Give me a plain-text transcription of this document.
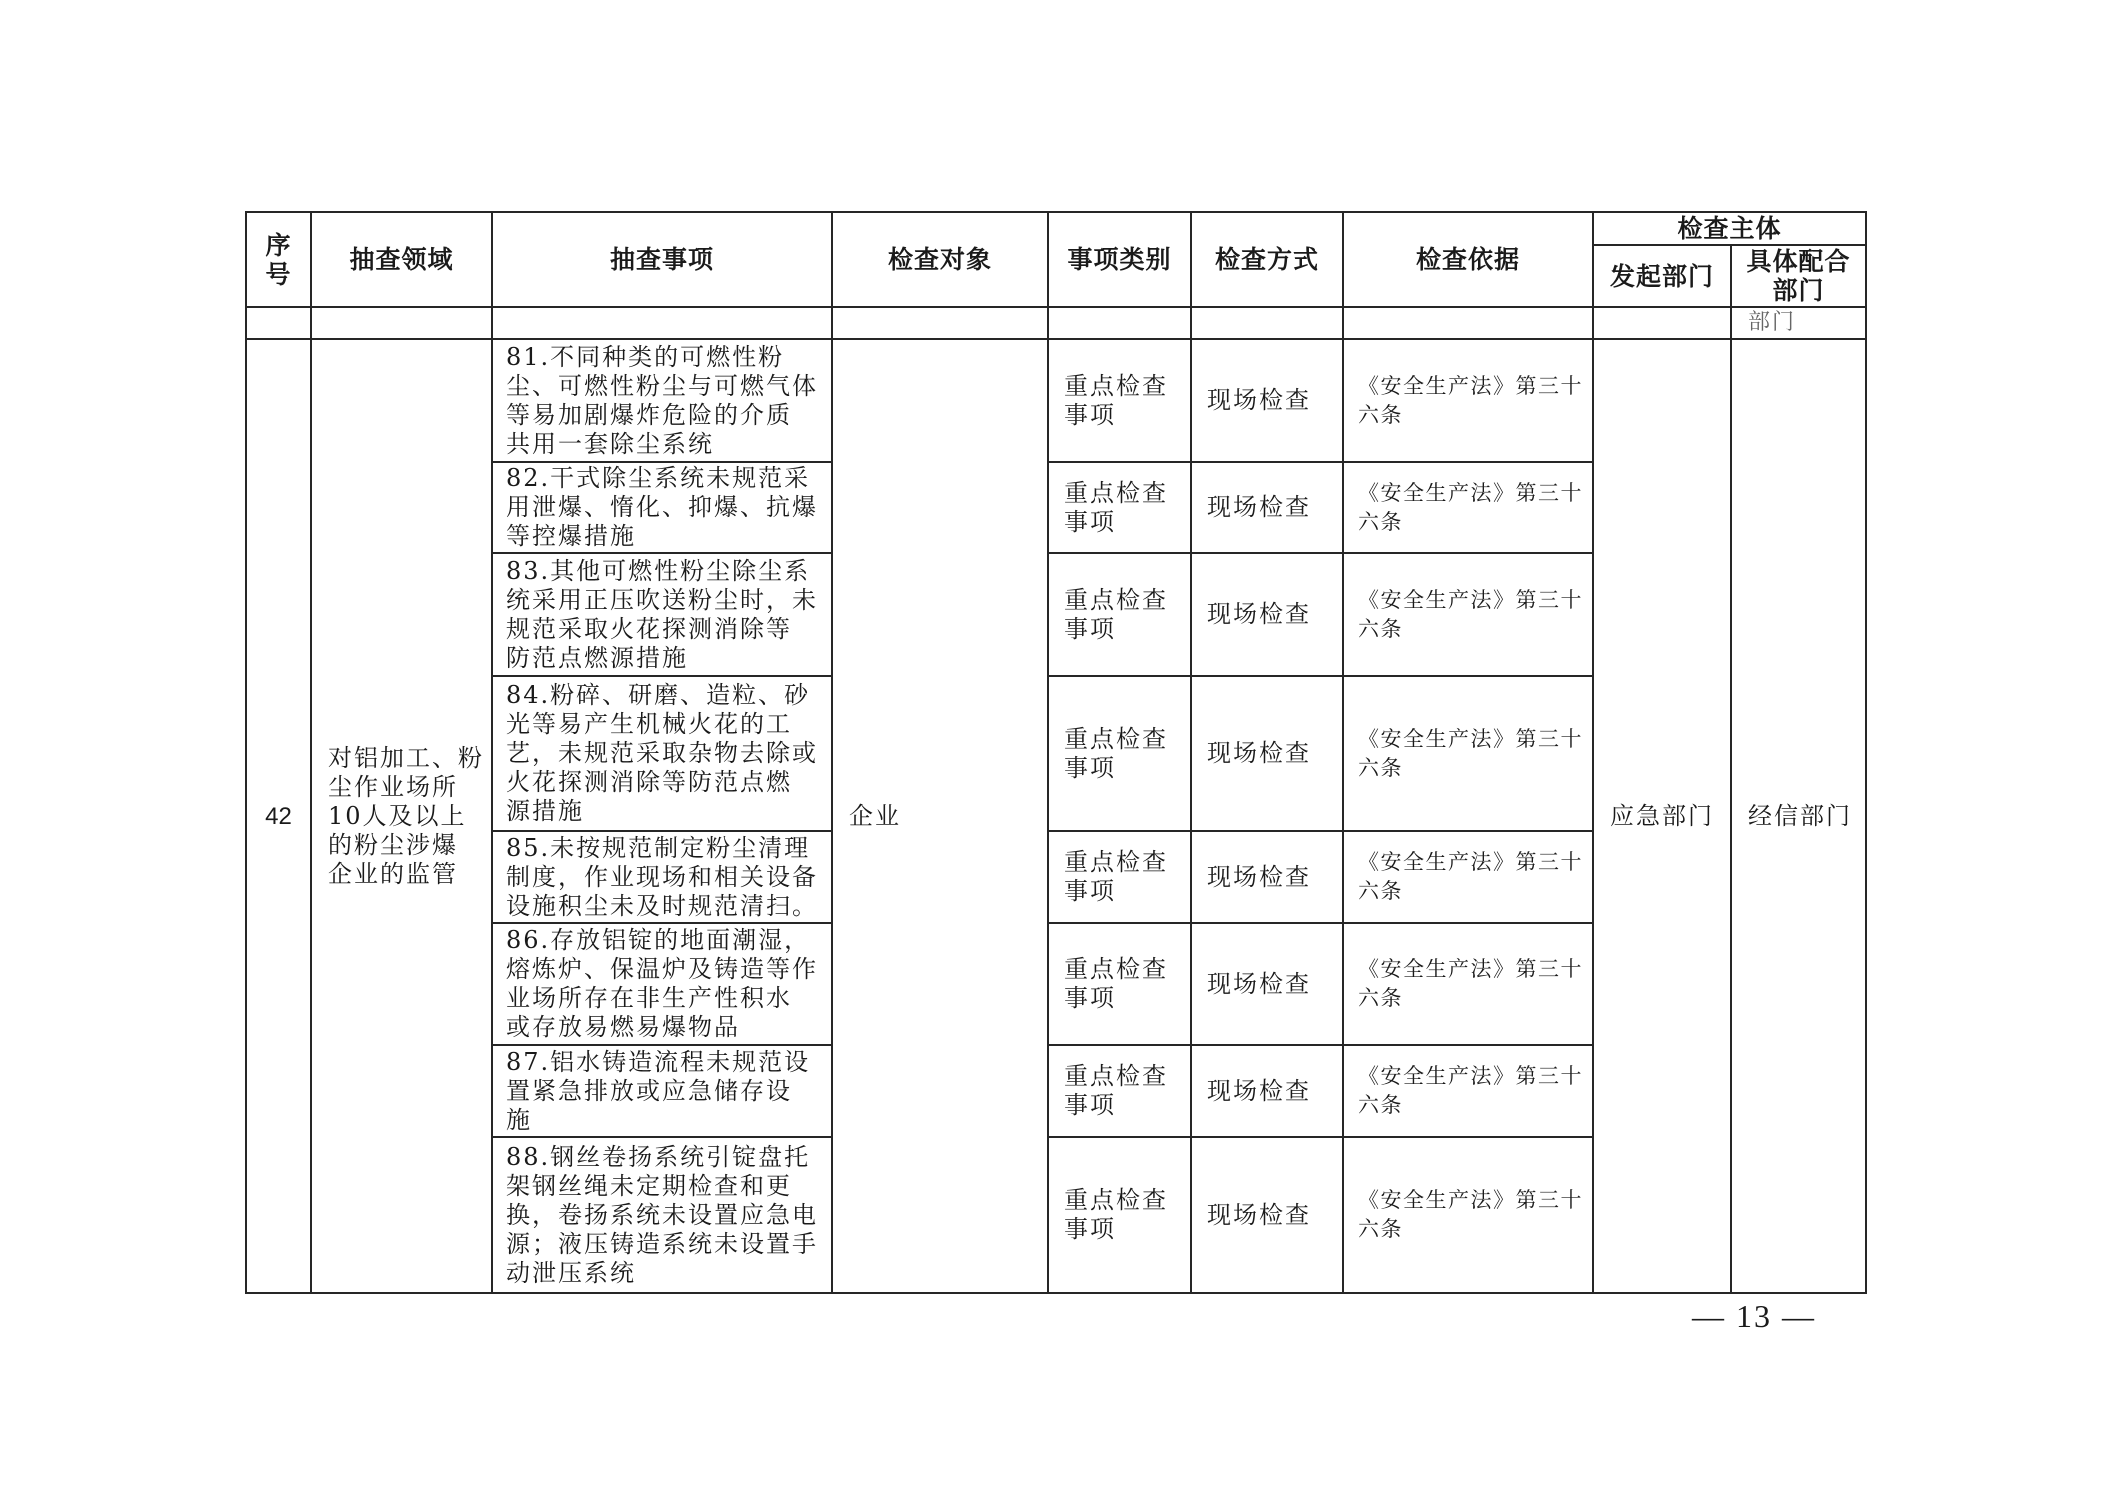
序号	抽查领域	抽查事项	检查对象	事项类别	检查方式	检查依据	检查主体	
							发起部门	具体配合部门
								部门
42	对铝加工、粉
尘作业场所
10人及以上
的粉尘涉爆
企业的监管	81.不同种类的可燃性粉
尘、可燃性粉尘与可燃气体
等易加剧爆炸危险的介质
共用一套除尘系统	企业	重点检查
事项	现场检查	《安全生产法》第三十
六条	应急部门	经信部门

		82.干式除尘系统未规范采
用泄爆、惰化、抑爆、抗爆
等控爆措施		重点检查
事项	现场检查	《安全生产法》第三十
六条		

		83.其他可燃性粉尘除尘系
统采用正压吹送粉尘时，未
规范采取火花探测消除等
防范点燃源措施		重点检查
事项	现场检查	《安全生产法》第三十
六条		

		84.粉碎、研磨、造粒、砂
光等易产生机械火花的工
艺，未规范采取杂物去除或
火花探测消除等防范点燃
源措施		重点检查
事项	现场检查	《安全生产法》第三十
六条		

		85.未按规范制定粉尘清理
制度，作业现场和相关设备
设施积尘未及时规范清扫。		重点检查
事项	现场检查	《安全生产法》第三十
六条		

		86.存放铝锭的地面潮湿，
熔炼炉、保温炉及铸造等作
业场所存在非生产性积水
或存放易燃易爆物品		重点检查
事项	现场检查	《安全生产法》第三十
六条		

		87.铝水铸造流程未规范设
置紧急排放或应急储存设
施		重点检查
事项	现场检查	《安全生产法》第三十
六条		

		88.钢丝卷扬系统引锭盘托
架钢丝绳未定期检查和更
换，卷扬系统未设置应急电
源；液压铸造系统未设置手
动泄压系统		重点检查
事项	现场检查	《安全生产法》第三十
六条		
— 13 —
